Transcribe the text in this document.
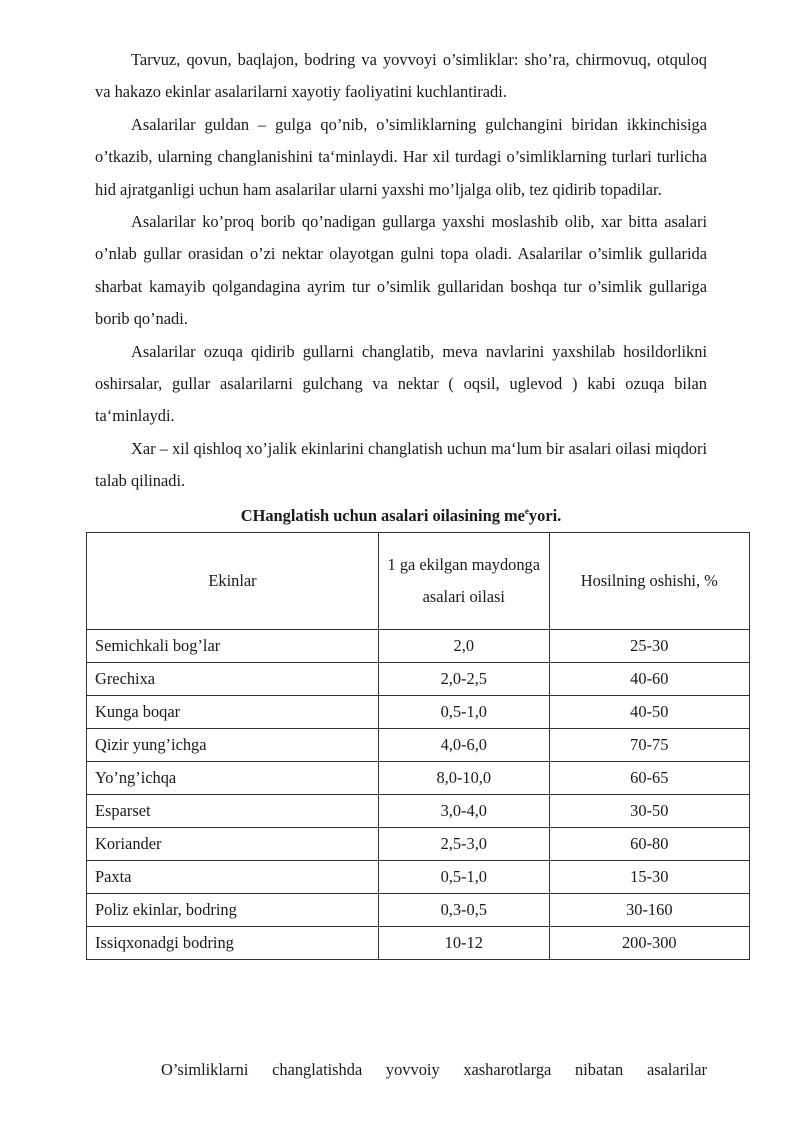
Tarvuz, qovun, baqlajon, bodring va yovvoyi o’simliklar: sho’ra, chirmovuq, otquloq va hakazo ekinlar asalarilarni xayotiy faoliyatini kuchlantiradi.

Asalarilar guldan – gulga qo’nib, o’simliklarning gulchangini biridan ikkinchisiga o’tkazib, ularning changlanishini ta‘minlaydi. Har xil turdagi o’simliklarning turlari turlicha hid ajratganligi uchun ham asalarilar ularni yaxshi mo’ljalga olib, tez qidirib topadilar.

Asalarilar ko’proq borib qo’nadigan gullarga yaxshi moslashib olib, xar bitta asalari o’nlab gullar orasidan o’zi nektar olayotgan gulni topa oladi. Asalarilar o’simlik gullarida sharbat kamayib qolgandagina ayrim tur o’simlik gullaridan boshqa tur o’simlik gullariga borib qo’nadi.

Asalarilar ozuqa qidirib gullarni changlatib, meva navlarini yaxshilab hosildorlikni oshirsalar, gullar asalarilarni gulchang va nektar ( oqsil, uglevod ) kabi ozuqa bilan ta‘minlaydi.

Xar – xil qishloq xo’jalik ekinlarini changlatish uchun ma‘lum bir asalari oilasi miqdori talab qilinadi.

CHanglatish uchun asalari oilasining $me^eyori$.
Ekinlar	1 ga ekilgan maydonga asalari oilasi	Hosilning oshishi, %
Semichkali bog’lar	2,0	25-30
Grechixa	2,0-2,5	40-60
Kunga boqar	0,5-1,0	40-50
Qizir yung’ichga	4,0-6,0	70-75
Yo’ng’ichqa	8,0-10,0	60-65
Esparset	3,0-4,0	30-50
Koriander	2,5-3,0	60-80
Paxta	0,5-1,0	15-30
Poliz ekinlar, bodring	0,3-0,5	30-160
Issiqxonadgi bodring	10-12	200-300

O’simliklarni changlatishda yovvoiy xasharotlarga nibatan asalarilar
